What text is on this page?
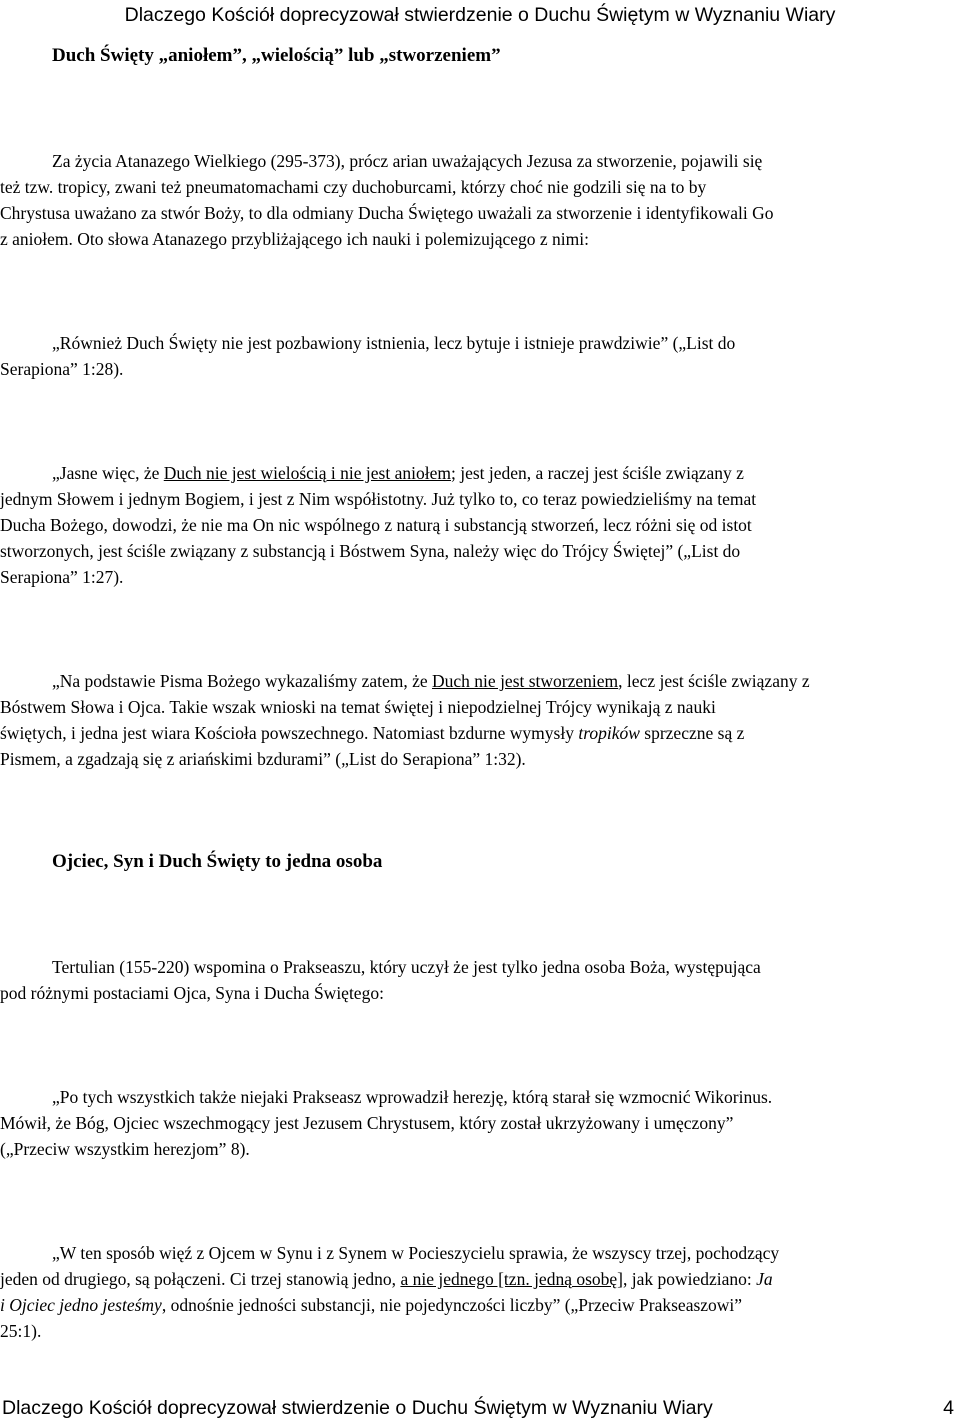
Dlaczego Kościół doprecyzował stwierdzenie o Duchu Świętym w Wyznaniu Wiary
Duch Święty „aniołem”, „wielością” lub „stworzeniem”
Za życia Atanazego Wielkiego (295-373), prócz arian uważających Jezusa za stworzenie, pojawili się
też tzw. tropicy, zwani też pneumatomachami czy duchoburcami, którzy choć nie godzili się na to by
Chrystusa uważano za stwór Boży, to dla odmiany Ducha Świętego uważali za stworzenie i identyfikowali Go
z aniołem. Oto słowa Atanazego przybliżającego ich nauki i polemizującego z nimi:
„Również Duch Święty nie jest pozbawiony istnienia, lecz bytuje i istnieje prawdziwie” („List do
Serapiona” 1:28).
„Jasne więc, że Duch nie jest wielością i nie jest aniołem; jest jeden, a raczej jest ściśle związany z
jednym Słowem i jednym Bogiem, i jest z Nim współistotny. Już tylko to, co teraz powiedzieliśmy na temat
Ducha Bożego, dowodzi, że nie ma On nic wspólnego z naturą i substancją stworzeń, lecz różni się od istot
stworzonych, jest ściśle związany z substancją i Bóstwem Syna, należy więc do Trójcy Świętej” („List do
Serapiona” 1:27).
„Na podstawie Pisma Bożego wykazaliśmy zatem, że Duch nie jest stworzeniem, lecz jest ściśle związany z
Bóstwem Słowa i Ojca. Takie wszak wnioski na temat świętej i niepodzielnej Trójcy wynikają z nauki
świętych, i jedna jest wiara Kościoła powszechnego. Natomiast bzdurne wymysły tropików sprzeczne są z
Pismem, a zgadzają się z ariańskimi bzdurami” („List do Serapiona” 1:32).
Ojciec, Syn i Duch Święty to jedna osoba
Tertulian (155-220) wspomina o Prakseaszu, który uczył że jest tylko jedna osoba Boża, występująca
pod różnymi postaciami Ojca, Syna i Ducha Świętego:
„Po tych wszystkich także niejaki Prakseasz wprowadził herezję, którą starał się wzmocnić Wikorinus.
Mówił, że Bóg, Ojciec wszechmogący jest Jezusem Chrystusem, który został ukrzyżowany i umęczony”
(„Przeciw wszystkim herezjom” 8).
„W ten sposób więź z Ojcem w Synu i z Synem w Pocieszycielu sprawia, że wszyscy trzej, pochodzący
jeden od drugiego, są połączeni. Ci trzej stanowią jedno, a nie jednego [tzn. jedną osobę], jak powiedziano: Ja
i Ojciec jedno jesteśmy, odnośnie jedności substancji, nie pojedynczości liczby” („Przeciw Prakseaszowi”
25:1).
Dlaczego Kościół doprecyzował stwierdzenie o Duchu Świętym w Wyznaniu Wiary	4
